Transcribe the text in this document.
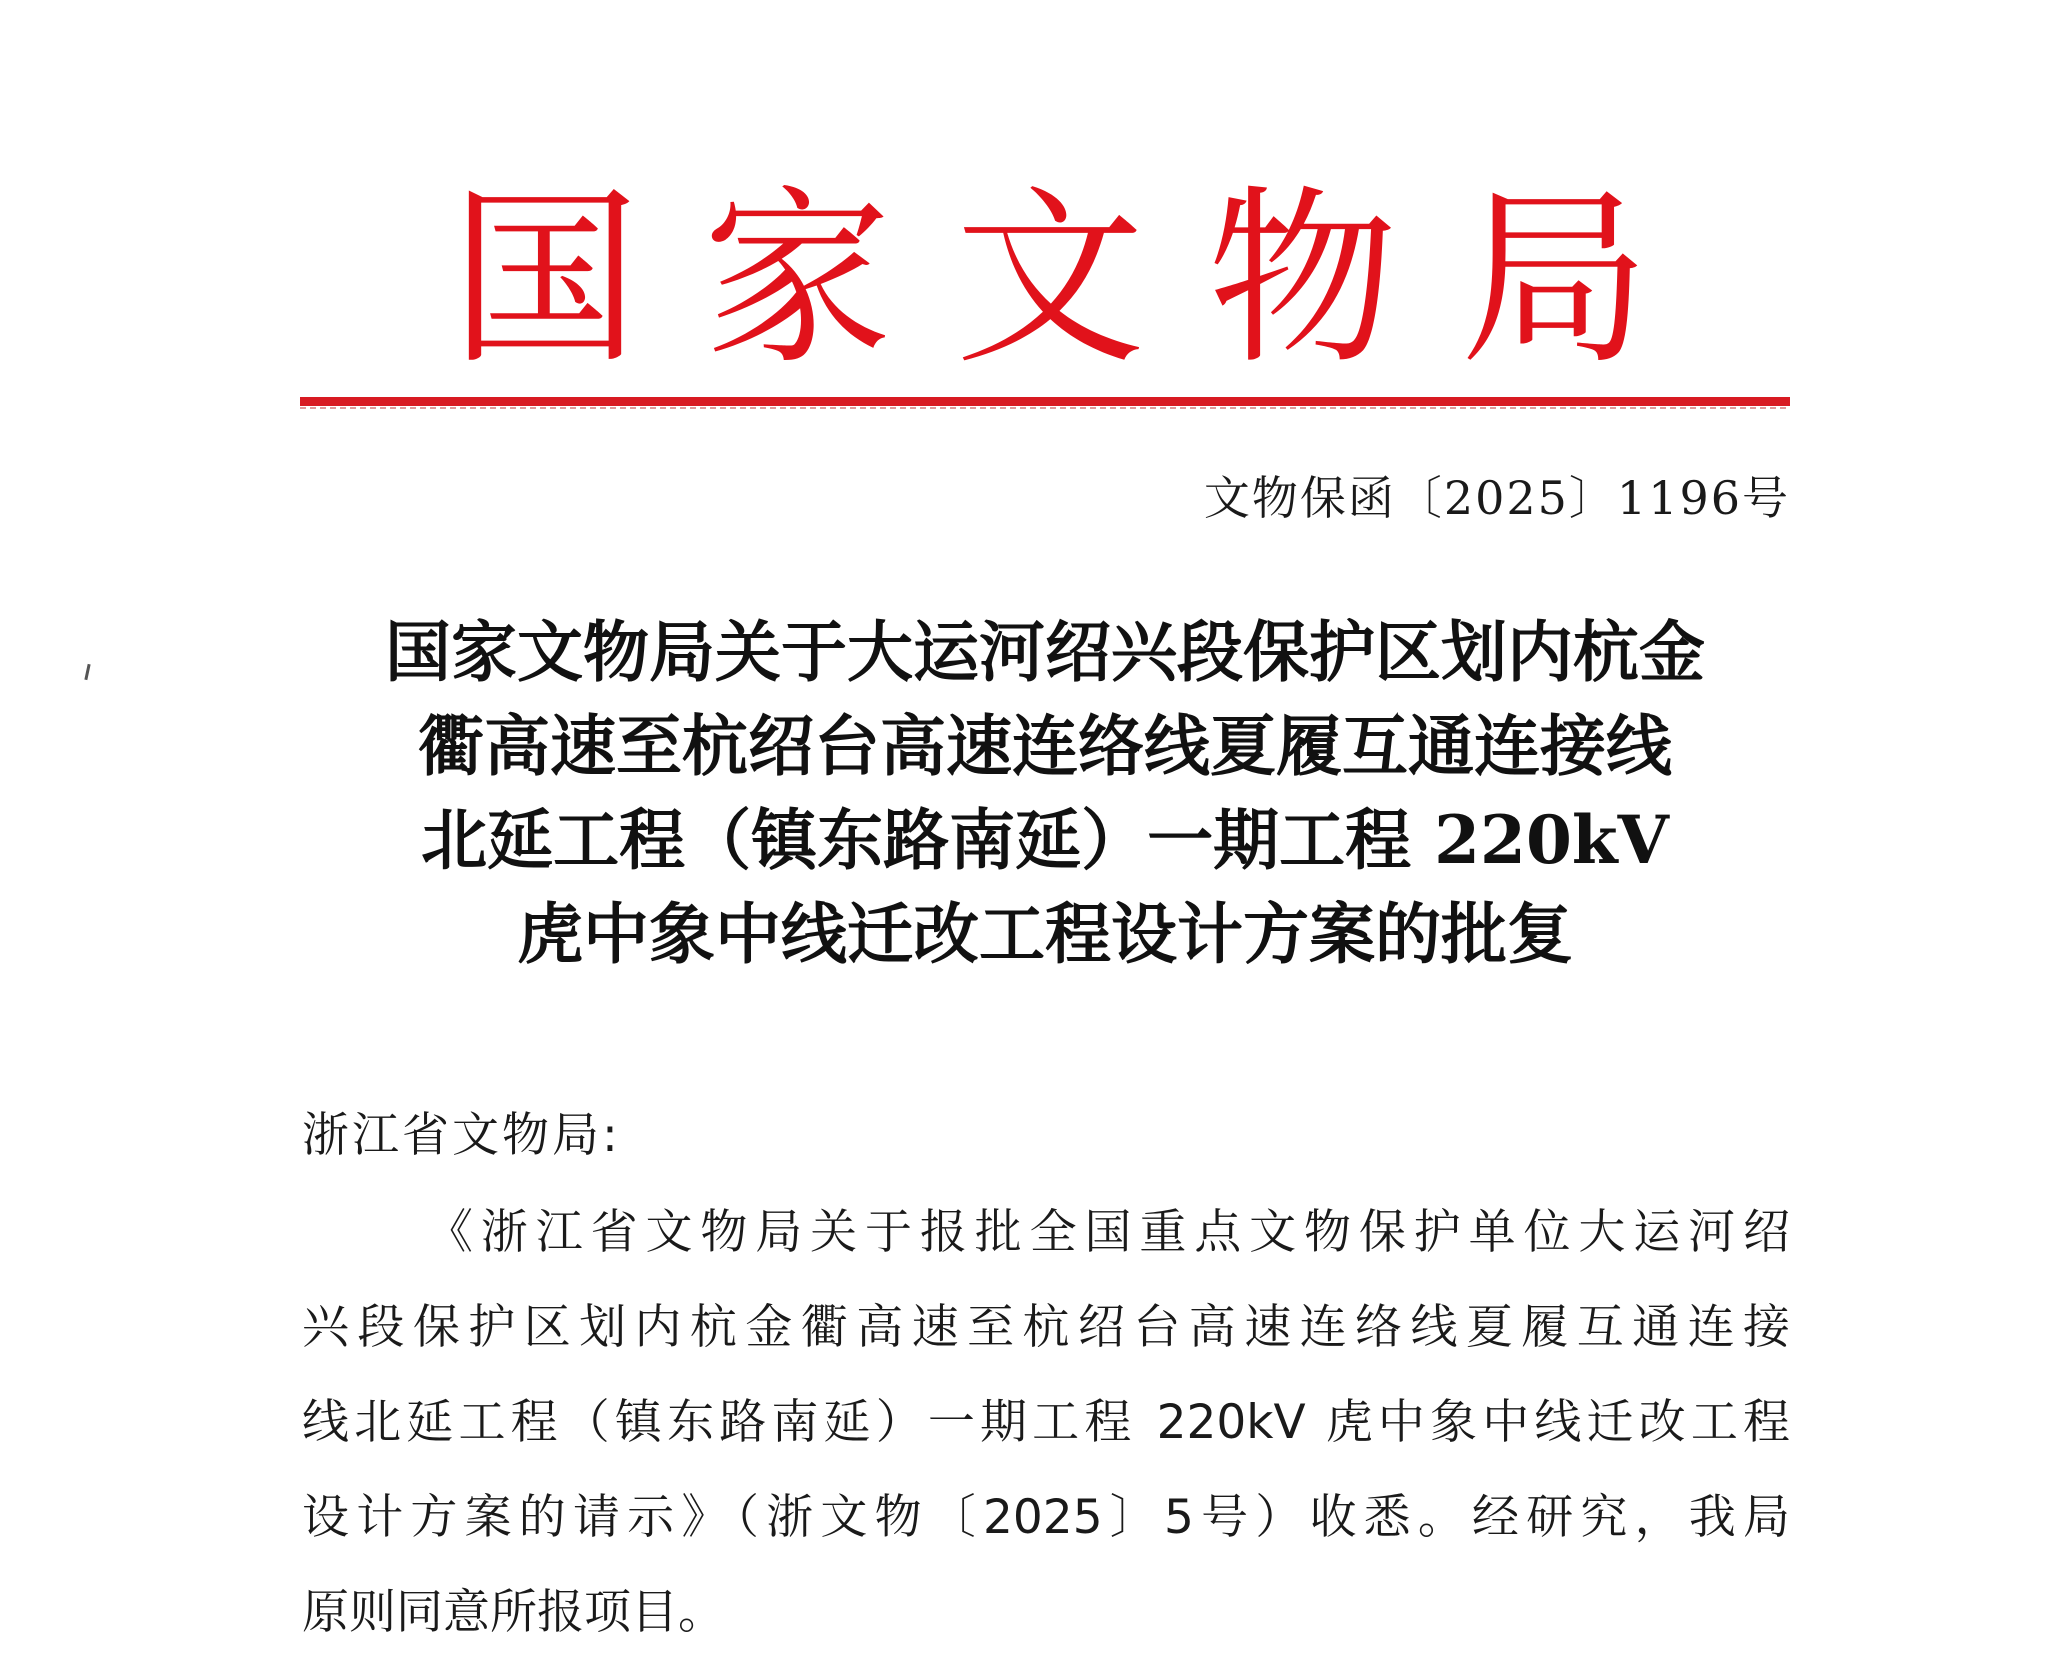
国 家 文 物 局
文物保函〔2025〕1196号
国家文物局关于大运河绍兴段保护区划内杭金
衢高速至杭绍台高速连络线夏履互通连接线
北延工程（镇东路南延）一期工程 220kV
虎中象中线迁改工程设计方案的批复
浙江省文物局:
《浙江省文物局关于报批全国重点文物保护单位大运河绍
兴段保护区划内杭金衢高速至杭绍台高速连络线夏履互通连接
线北延工程（镇东路南延）一期工程 220kV 虎中象中线迁改工程
设计方案的请示》（浙文物〔2025〕5号）收悉。经研究，我局
原则同意所报项目。
